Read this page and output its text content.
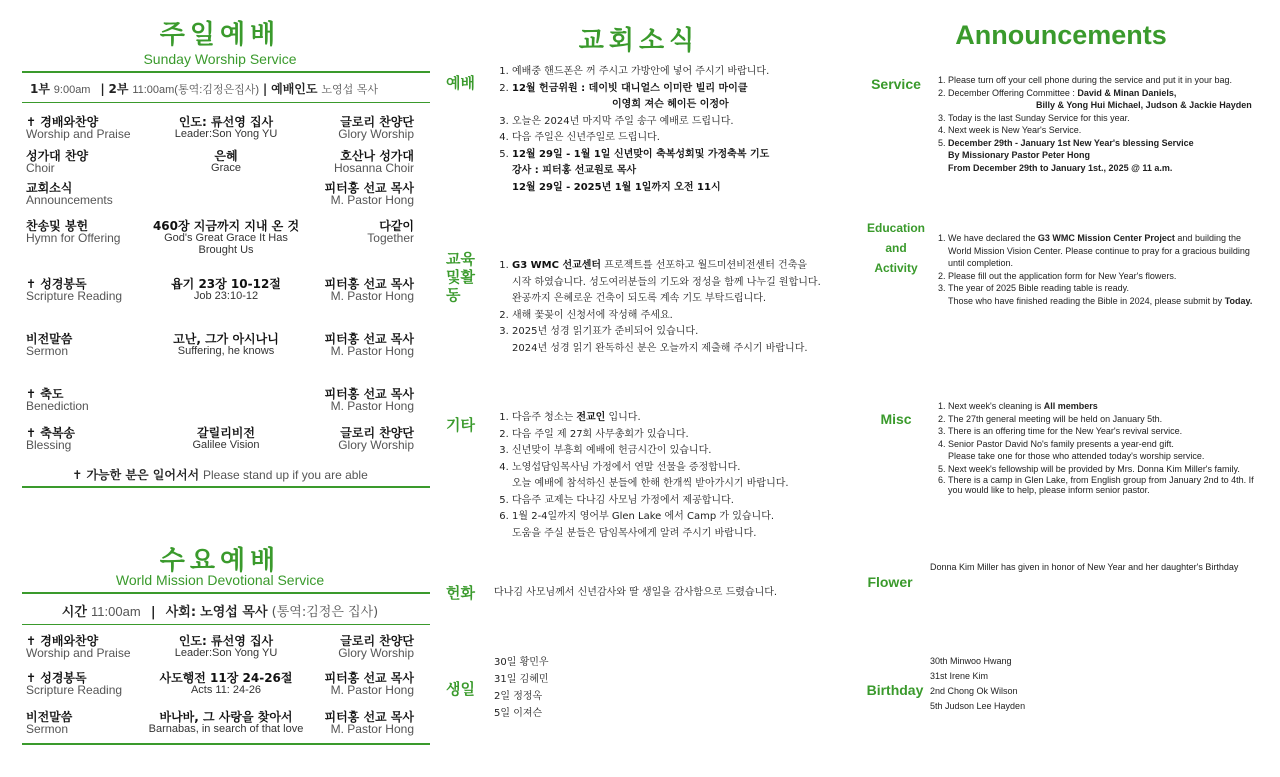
주일예배
Sunday Worship Service
1부 9:00am | 2부 11:00am(통역:김정은집사) | 예배인도 노영섭 목사
✝ 경배와찬양
Worship and Praise
인도: 류선영 집사
Leader:Son Yong YU
글로리 찬양단
Glory Worship
성가대 찬양
Choir
은혜
Grace
호산나 성가대
Hosanna Choir
교회소식
Announcements
피터홍 선교 목사
M. Pastor Hong
찬송및 봉헌
Hymn for Offering
460장 지금까지 지내 온 것
God's Great Grace It Has Brought Us
다같이
Together
✝ 성경봉독
Scripture Reading
욥기 23장 10-12절
Job 23:10-12
피터홍 선교 목사
M. Pastor Hong
비전말씀
Sermon
고난, 그가 아시나니
Suffering, he knows
피터홍 선교 목사
M. Pastor Hong
✝ 축도
Benediction
피터홍 선교 목사
M. Pastor Hong
✝ 축복송
Blessing
갈릴리비전
Galilee Vision
글로리 찬양단
Glory Worship
✝ 가능한 분은 일어서서 Please stand up if you are able
수요예배
World Mission Devotional Service
시간 11:00am | 사회: 노영섭 목사 (통역:김정은 집사)
✝ 경배와찬양
Worship and Praise
인도: 류선영 집사
Leader:Son Yong YU
글로리 찬양단
Glory Worship
✝ 성경봉독
Scripture Reading
사도행전 11장 24-26절
Acts 11: 24-26
피터홍 선교 목사
M. Pastor Hong
비전말씀
Sermon
바나바, 그 사랑을 찾아서
Barnabas, in search of that love
피터홍 선교 목사
M. Pastor Hong
교회소식
예배
1. 예배중 핸드폰은 꺼 주시고 가방안에 넣어 주시기 바랍니다.
2. 12월 헌금위원 : 데이빗 대니얼스 이미란 빌리 마이클
이영희 져슨 헤이든 이정아
3. 오늘은 2024년 마지막 주일 송구 예배로 드립니다.
4. 다음 주일은 신년주일로 드립니다.
5. 12월 29일 - 1월 1일 신년맞이 축복성회및 가정축복 기도
강사 : 피터홍 선교원로 목사
12월 29일 - 2025년 1월 1일까지 오전 11시
교육및활동
1. G3 WMC 선교센터 프로젝트를 선포하고 월드미션비전센터 건축을
시작 하였습니다. 성도여러분들의 기도와 정성을 함께 나누길 원합니다.
완공까지 은혜로운 건축이 되도록 계속 기도 부탁드립니다.
2. 새해 꽃꽂이 신청서에 작성해 주세요.
3. 2025년 성경 읽기표가 준비되어 있습니다.
2024년 성경 읽기 완독하신 분은 오늘까지 제출해 주시기 바랍니다.
기타	1. 다음주 청소는 전교인 입니다.
2. 다음 주일 제 27회 사무총회가 있습니다.
3. 신년맞이 부흥회 예배에 헌금시간이 있습니다.
4. 노영섭담임목사님 가정에서 연말 선물을 증정합니다.
오늘 예배에 참석하신 분들에 한해 한개씩 받아가시기 바랍니다.
5. 다음주 교제는 다나김 사모님 가정에서 제공합니다.
6. 1월 2-4일까지 영어부 Glen Lake 에서 Camp 가 있습니다.
도움을 주실 분들은 담임목사에게 알려 주시기 바랍니다.
헌화 다나김 사모님께서 신년감사와 딸 생일을 감사함으로 드렸습니다.
생일
30일 황민우
31일 김혜민
2일 정정옥
5일 이져슨
Announcements
Service	1. Please turn off your cell phone during the service and put it in your bag.
2. December Offering Committee : David & Minan Daniels,
Billy & Yong Hui Michael, Judson & Jackie Hayden
3. Today is the last Sunday Service for this year.
4. Next week is New Year's Service.
5. December 29th - January 1st New Year's blessing Service
By Missionary Pastor Peter Hong
From December 29th to January 1st., 2025 @ 11 a.m.
Education
and
Activity
1. We have declared the G3 WMC Mission Center Project and building the World Mission Vision Center. Please continue to pray for a gracious building until completion.
2. Please fill out the application form for New Year's flowers.
3. The year of 2025 Bible reading table is ready.
Those who have finished reading the Bible in 2024, please submit by Today.
Misc
1. Next week's cleaning is All members
2. The 27th general meeting will be held on January 5th.
3. There is an offering time for the New Year's revival service.
4. Senior Pastor David No's family presents a year-end gift.
Please take one for those who attended today's worship service.
5. Next week's fellowship will be provided by Mrs. Donna Kim Miller's family.
6. There is a camp in Glen Lake, from English group from January 2nd to 4th. If you would like to help, please inform senior pastor.
Flower
Donna Kim Miller has given in honor of New Year and her daughter's Birthday
Birthday
30th Minwoo Hwang
31st Irene Kim
2nd Chong Ok Wilson
5th Judson Lee Hayden
